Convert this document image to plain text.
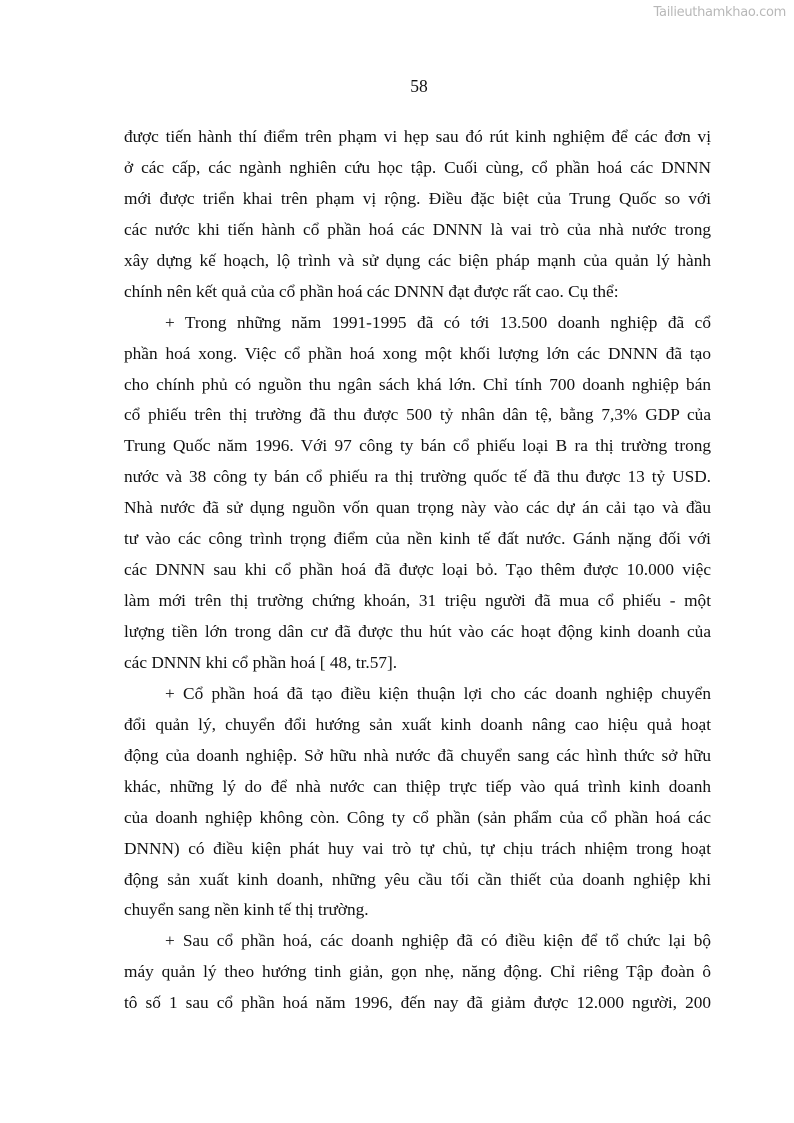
Tailieuthamkhao.com
58
được tiến hành thí điểm trên phạm vi hẹp sau đó rút kinh nghiệm để các đơn vị
ở các cấp, các ngành nghiên cứu học tập. Cuối cùng, cổ phần hoá các DNNN
mới được triển khai trên phạm vị rộng. Điều đặc biệt của Trung Quốc so với
các nước khi tiến hành cổ phần hoá các DNNN là vai trò của nhà nước trong
xây dựng kế hoạch, lộ trình và sử dụng các biện pháp mạnh của quản lý hành
chính nên kết quả của cổ phần hoá các DNNN đạt được rất cao. Cụ thể:
+ Trong những năm 1991-1995 đã có tới 13.500 doanh nghiệp đã cổ
phần hoá xong. Việc cổ phần hoá xong một khối lượng lớn các DNNN đã tạo
cho chính phủ có nguồn thu ngân sách khá lớn. Chỉ tính 700 doanh nghiệp bán
cổ phiếu trên thị trường đã thu được 500 tỷ nhân dân tệ, bằng 7,3% GDP của
Trung Quốc năm 1996. Với 97 công ty bán cổ phiếu loại B ra thị trường trong
nước và 38 công ty bán cổ phiếu ra thị trường quốc tế đã thu được 13 tỷ USD.
Nhà nước đã sử dụng nguồn vốn quan trọng này vào các dự án cải tạo và đầu
tư vào các công trình trọng điểm của nền kinh tế đất nước. Gánh nặng đối với
các DNNN sau khi cổ phần hoá đã được loại bỏ. Tạo thêm được 10.000 việc
làm mới trên thị trường chứng khoán, 31 triệu người đã mua cổ phiếu - một
lượng tiền lớn trong dân cư đã được thu hút vào các hoạt động kinh doanh của
các DNNN khi cổ phần hoá [ 48, tr.57].
+ Cổ phần hoá đã tạo điều kiện thuận lợi cho các doanh nghiệp chuyển
đổi quản lý, chuyển đổi hướng sản xuất kinh doanh nâng cao hiệu quả hoạt
động của doanh nghiệp. Sở hữu nhà nước đã chuyển sang các hình thức sở hữu
khác, những lý do để nhà nước can thiệp trực tiếp vào quá trình kinh doanh
của doanh nghiệp không còn. Công ty cổ phần (sản phẩm của cổ phần hoá các
DNNN) có điều kiện phát huy vai trò tự chủ, tự chịu trách nhiệm trong hoạt
động sản xuất kinh doanh, những yêu cầu tối cần thiết của doanh nghiệp khi
chuyển sang nền kinh tế thị trường.
+ Sau cổ phần hoá, các doanh nghiệp đã có điều kiện để tổ chức lại bộ
máy quản lý theo hướng tinh giản, gọn nhẹ, năng động. Chỉ riêng Tập đoàn ô
tô số 1 sau cổ phần hoá năm 1996, đến nay đã giảm được 12.000 người, 200
